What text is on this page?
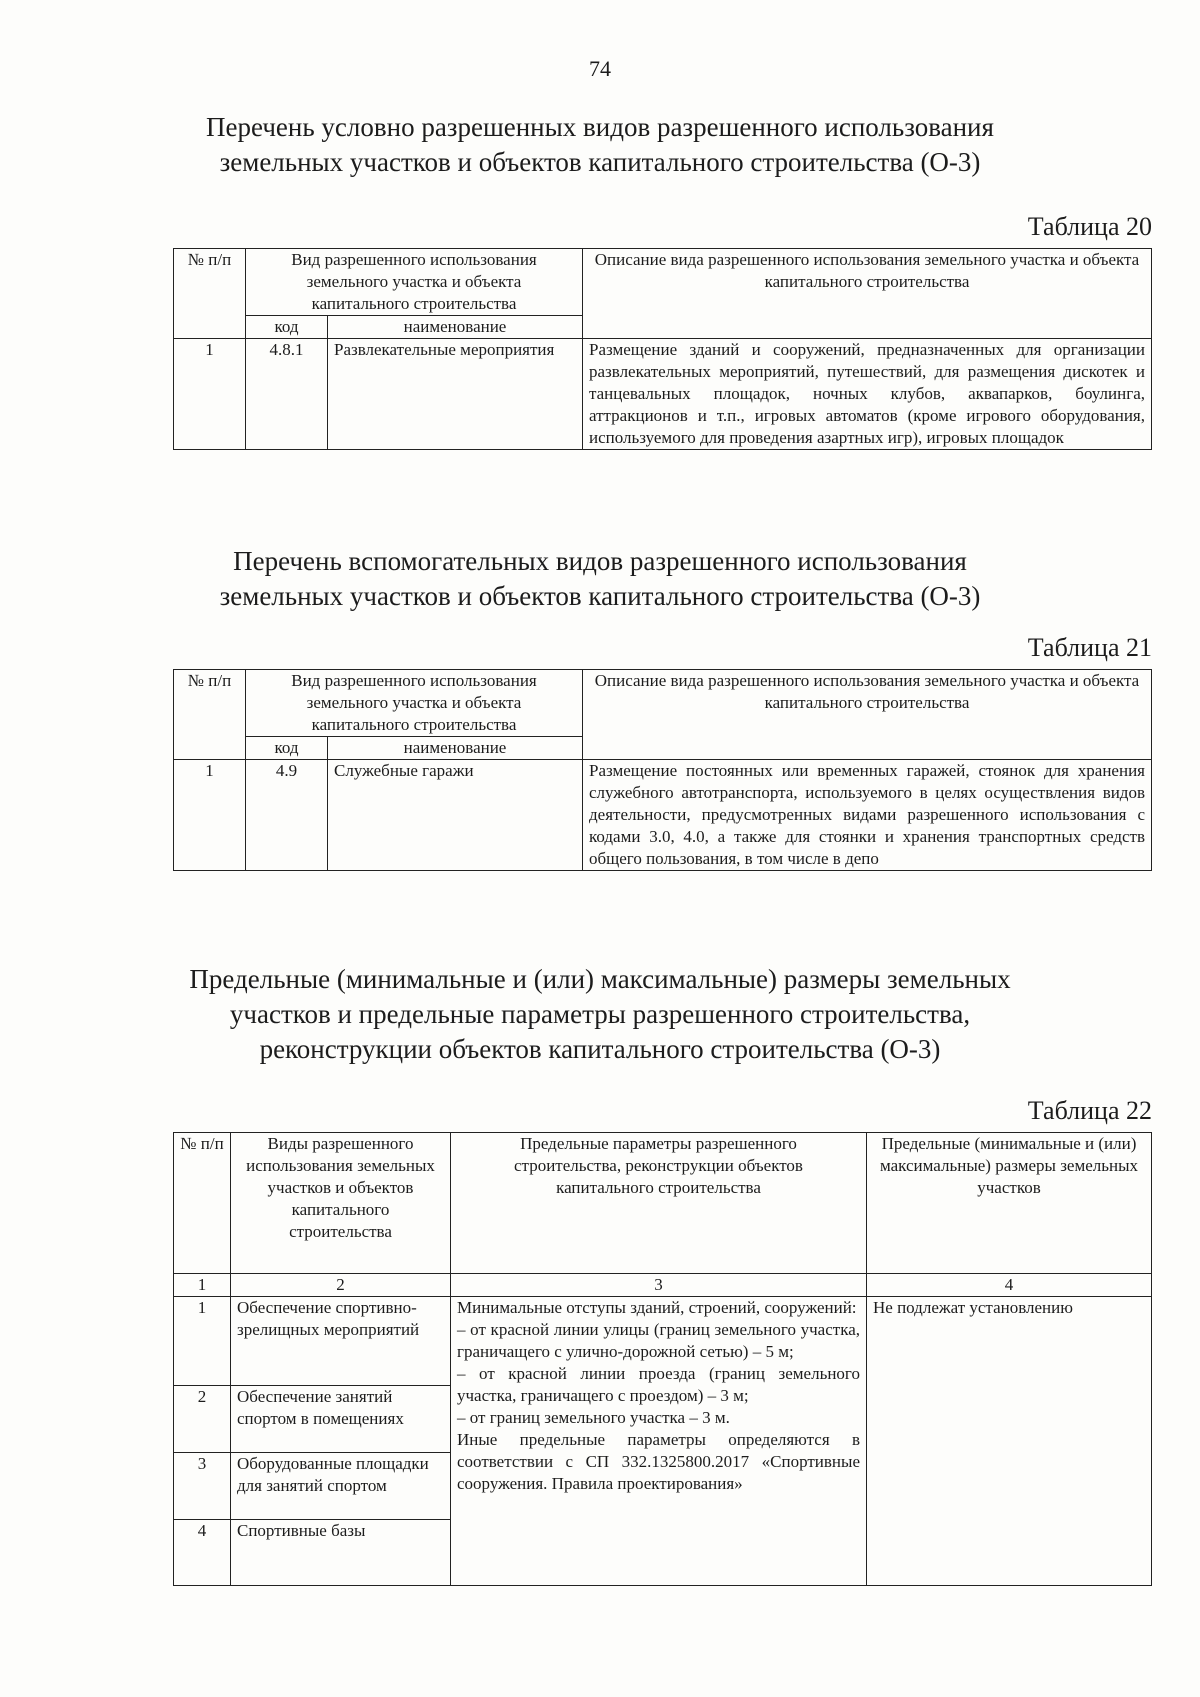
74
Перечень условно разрешенных видов разрешенного использования
земельных участков и объектов капитального строительства (О-3)
Таблица 20
№ п/п	Вид разрешенного использования земельного участка и объекта капитального строительства		Описание вида разрешенного использования земельного участка и объекта капитального строительства
	код	наименование	
1	4.8.1	Развлекательные мероприятия	Размещение зданий и сооружений, предназначенных для организации развлекательных мероприятий, путешествий, для размещения дискотек и танцевальных площадок, ночных клубов, аквапарков, боулинга, аттракционов и т.п., игровых автоматов (кроме игрового оборудования, используемого для проведения азартных игр), игровых площадок
Перечень вспомогательных видов разрешенного использования
земельных участков и объектов капитального строительства (О-3)
Таблица 21
№ п/п	Вид разрешенного использования земельного участка и объекта капитального строительства		Описание вида разрешенного использования земельного участка и объекта капитального строительства
	код	наименование	
1	4.9	Служебные гаражи	Размещение постоянных или временных гаражей, стоянок для хранения служебного автотранспорта, используемого в целях осуществления видов деятельности, предусмотренных видами разрешенного использования с кодами 3.0, 4.0, а также для стоянки и хранения транспортных средств общего пользования, в том числе в депо
Предельные (минимальные и (или) максимальные) размеры земельных
участков и предельные параметры разрешенного строительства,
реконструкции объектов капитального строительства (О-3)
Таблица 22
№ п/п	Виды разрешенного использования земельных участков и объектов капитального строительства	Предельные параметры разрешенного строительства, реконструкции объектов капитального строительства	Предельные (минимальные и (или) максимальные) размеры земельных участков
1	2	3	4
1	Обеспечение спортивно-зрелищных мероприятий	Минимальные отступы зданий, строений, сооружений:
– от красной линии улицы (границ земельного участка, граничащего с улично-дорожной сетью) – 5 м;
– от красной линии проезда (границ земельного участка, граничащего с проездом) – 3 м;
– от границ земельного участка – 3 м.
Иные предельные параметры определяются в соответствии с СП 332.1325800.2017 «Спортивные сооружения. Правила проектирования»	Не подлежат установлению
2	Обеспечение занятий спортом в помещениях		
3	Оборудованные площадки для занятий спортом		
4	Спортивные базы		
